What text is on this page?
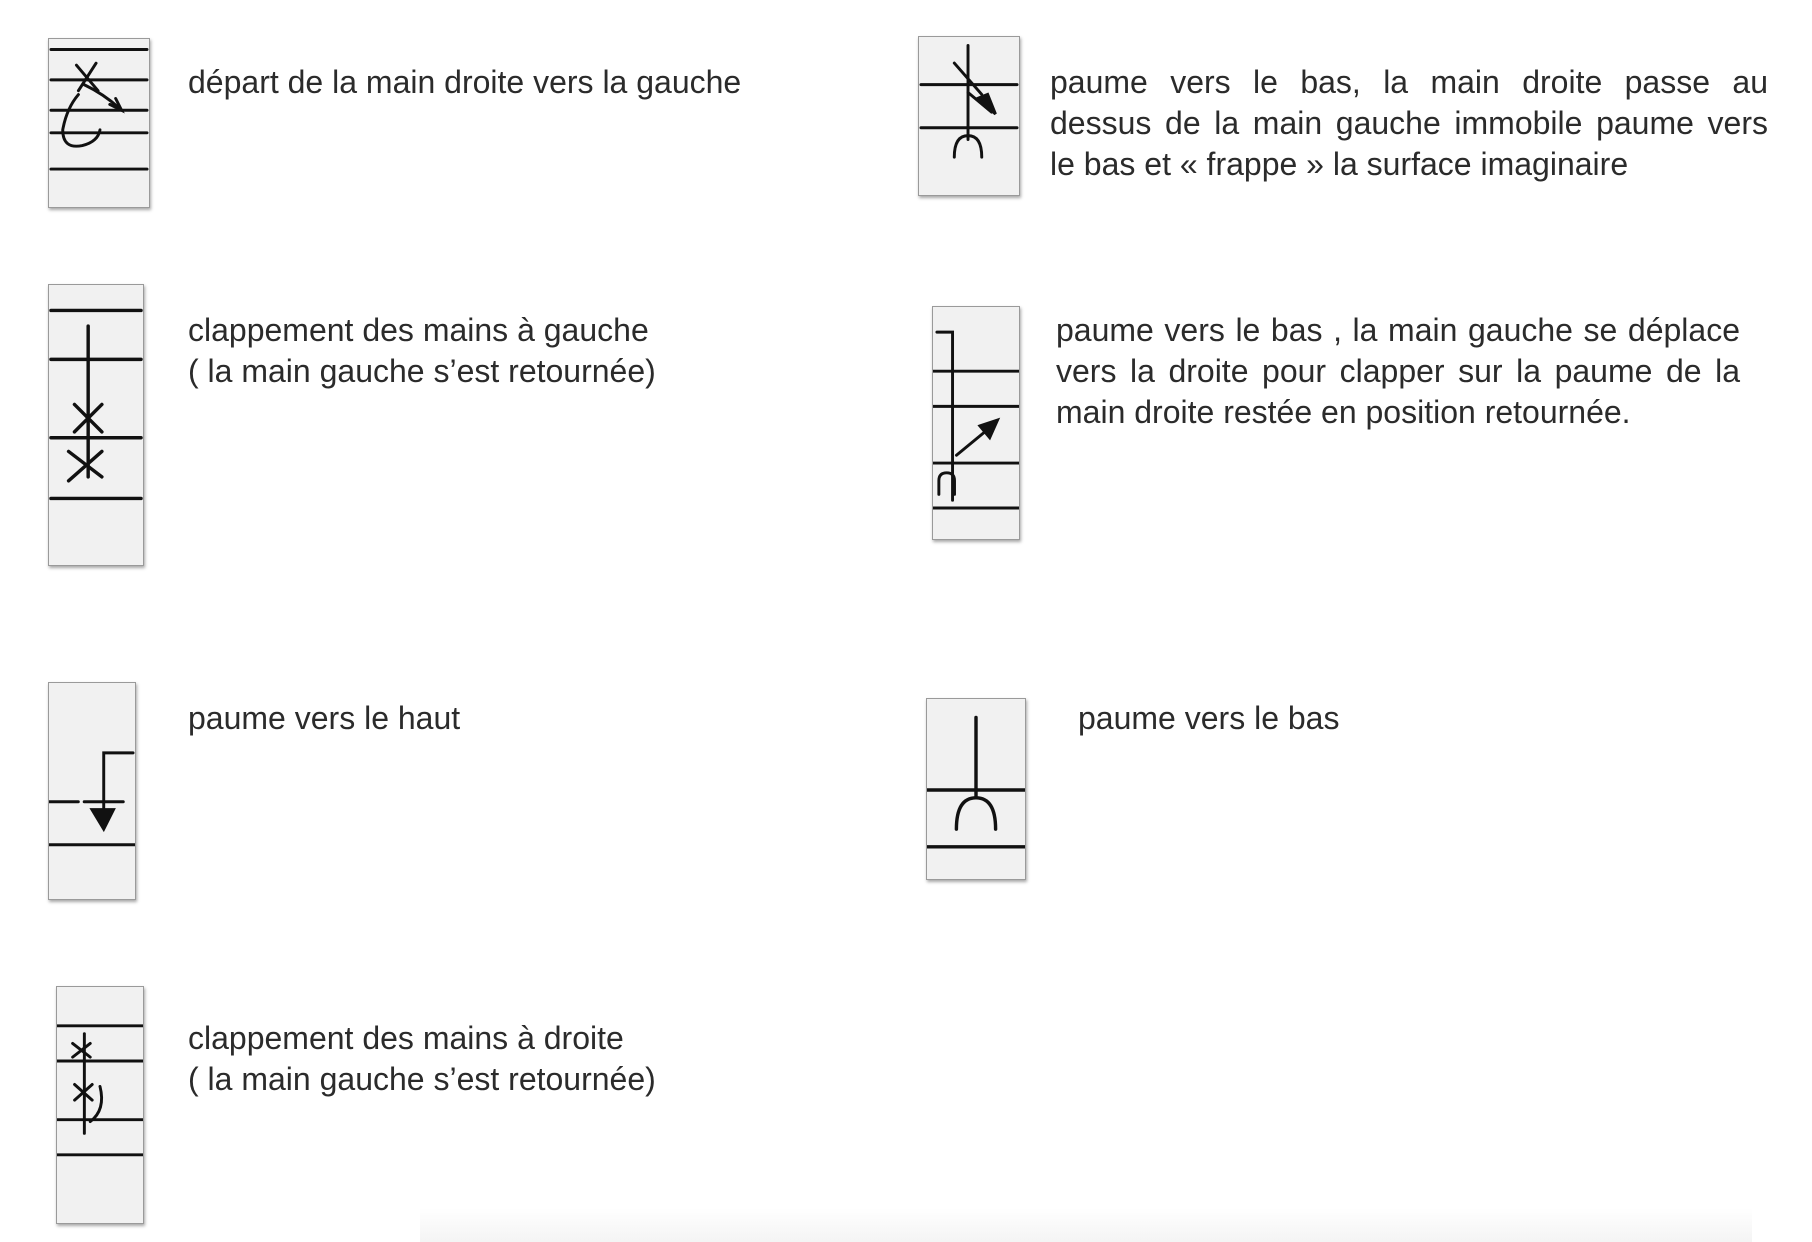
départ de la main droite vers la gauche	paume vers le bas, la main droite passe au dessus de la main gauche immobile paume vers le bas et « frappe » la surface imaginaire

clappement des mains à gauche
( la main gauche s’est retournée)

paume vers le bas , la main gauche se déplace vers la droite pour clapper sur la paume de la main droite restée en position retournée.

paume vers le haut	paume vers le bas

clappement des mains à droite
( la main gauche s’est retournée)
